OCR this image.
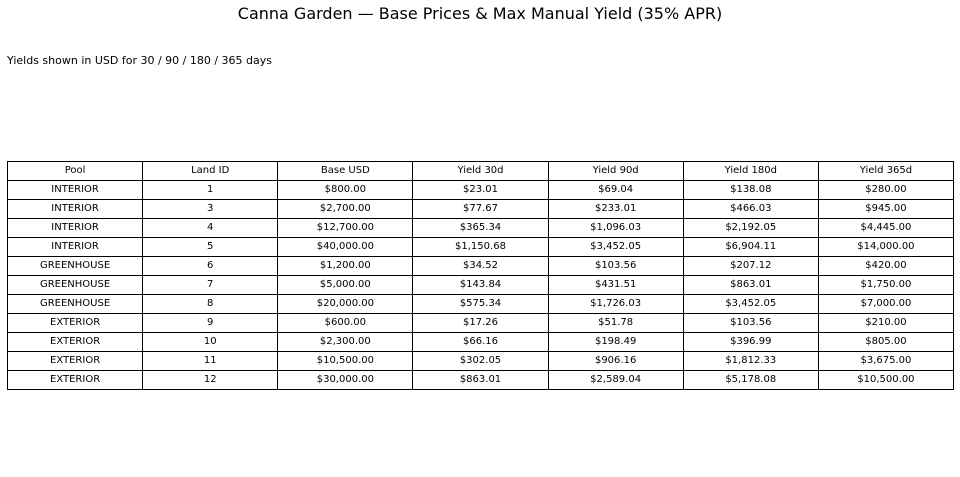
Canna Garden — Base Prices & Max Manual Yield (35% APR)
Yields shown in USD for 30 / 90 / 180 / 365 days
Pool	Land ID	Base USD	Yield 30d	Yield 90d	Yield 180d	Yield 365d
INTERIOR	1	$800.00	$23.01	$69.04	$138.08	$280.00
INTERIOR	3	$2,700.00	$77.67	$233.01	$466.03	$945.00
INTERIOR	4	$12,700.00	$365.34	$1,096.03	$2,192.05	$4,445.00
INTERIOR	5	$40,000.00	$1,150.68	$3,452.05	$6,904.11	$14,000.00
GREENHOUSE	6	$1,200.00	$34.52	$103.56	$207.12	$420.00
GREENHOUSE	7	$5,000.00	$143.84	$431.51	$863.01	$1,750.00
GREENHOUSE	8	$20,000.00	$575.34	$1,726.03	$3,452.05	$7,000.00
EXTERIOR	9	$600.00	$17.26	$51.78	$103.56	$210.00
EXTERIOR	10	$2,300.00	$66.16	$198.49	$396.99	$805.00
EXTERIOR	11	$10,500.00	$302.05	$906.16	$1,812.33	$3,675.00
EXTERIOR	12	$30,000.00	$863.01	$2,589.04	$5,178.08	$10,500.00
